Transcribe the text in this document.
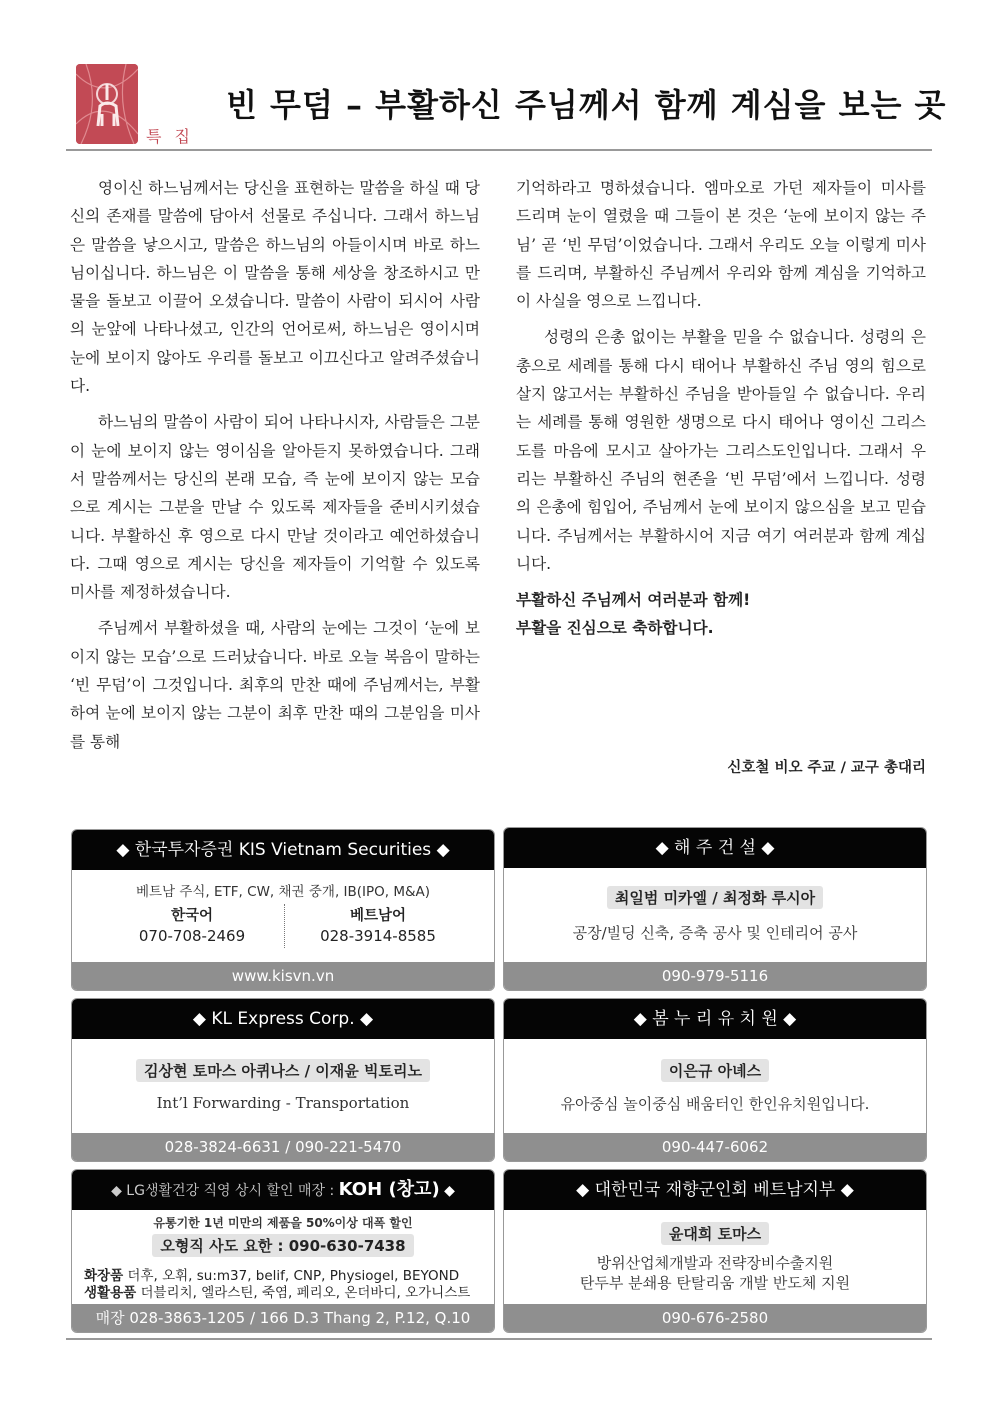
특 집
빈 무덤 – 부활하신 주님께서 함께 계심을 보는 곳

영이신 하느님께서는 당신을 표현하는 말씀을 하실 때 당신의 존재를 말씀에 담아서 선물로 주십니다. 그래서 하느님은 말씀을 낳으시고, 말씀은 하느님의 아들이시며 바로 하느님이십니다. 하느님은 이 말씀을 통해 세상을 창조하시고 만물을 돌보고 이끌어 오셨습니다. 말씀이 사람이 되시어 사람의 눈앞에 나타나셨고, 인간의 언어로써, 하느님은 영이시며 눈에 보이지 않아도 우리를 돌보고 이끄신다고 알려주셨습니다.

하느님의 말씀이 사람이 되어 나타나시자, 사람들은 그분이 눈에 보이지 않는 영이심을 알아듣지 못하였습니다. 그래서 말씀께서는 당신의 본래 모습, 즉 눈에 보이지 않는 모습으로 계시는 그분을 만날 수 있도록 제자들을 준비시키셨습니다. 부활하신 후 영으로 다시 만날 것이라고 예언하셨습니다. 그때 영으로 계시는 당신을 제자들이 기억할 수 있도록 미사를 제정하셨습니다.

주님께서 부활하셨을 때, 사람의 눈에는 그것이 ‘눈에 보이지 않는 모습’으로 드러났습니다. 바로 오늘 복음이 말하는 ‘빈 무덤’이 그것입니다. 최후의 만찬 때에 주님께서는, 부활하여 눈에 보이지 않는 그분이 최후 만찬 때의 그분임을 미사를 통해

기억하라고 명하셨습니다. 엠마오로 가던 제자들이 미사를 드리며 눈이 열렸을 때 그들이 본 것은 ‘눈에 보이지 않는 주님’ 곧 ‘빈 무덤’이었습니다. 그래서 우리도 오늘 이렇게 미사를 드리며, 부활하신 주님께서 우리와 함께 계심을 기억하고 이 사실을 영으로 느낍니다.

성령의 은총 없이는 부활을 믿을 수 없습니다. 성령의 은총으로 세례를 통해 다시 태어나 부활하신 주님 영의 힘으로 살지 않고서는 부활하신 주님을 받아들일 수 없습니다. 우리는 세례를 통해 영원한 생명으로 다시 태어나 영이신 그리스도를 마음에 모시고 살아가는 그리스도인입니다. 그래서 우리는 부활하신 주님의 현존을 ‘빈 무덤’에서 느낍니다. 성령의 은총에 힘입어, 주님께서 눈에 보이지 않으심을 보고 믿습니다. 주님께서는 부활하시어 지금 여기 여러분과 함께 계십니다.

부활하신 주님께서 여러분과 함께!
부활을 진심으로 축하합니다.
신호철 비오 주교 / 교구 총대리
◆ 한국투자증권 KIS Vietnam Securities ◆
베트남 주식, ETF, CW, 채권 중개, IB(IPO, M&A)
한국어
070-708-2469
베트남어
028-3914-8585
www.kisvn.vn
◆ 해 주 건 설 ◆
최일범 미카엘 / 최정화 루시아
공장/빌딩 신축, 증축 공사 및 인테리어 공사
090-979-5116
◆ KL Express Corp. ◆
김상현 토마스 아퀴나스 / 이재윤 빅토리노
Int’l Forwarding - Transportation
028-3824-6631 / 090-221-5470
◆ 봄 누 리 유 치 원 ◆
이은규 아녜스
유아중심 놀이중심 배움터인 한인유치원입니다.
090-447-6062
◆ LG생활건강 직영 상시 할인 매장 : KOH (창고) ◆
유통기한 1년 미만의 제품을 50%이상 대폭 할인
오형직 사도 요한 : 090-630-7438
화장품 더후, 오휘, su:m37, belif, CNP, Physiogel, BEYOND
생활용품 더블리치, 엘라스틴, 죽염, 페리오, 온더바디, 오가니스트
매장 028-3863-1205 / 166 D.3 Thang 2, P.12, Q.10
◆ 대한민국 재향군인회 베트남지부 ◆
윤대희 토마스
방위산업체개발과 전략장비수출지원
탄두부 분쇄용 탄탈리움 개발 반도체 지원
090-676-2580
